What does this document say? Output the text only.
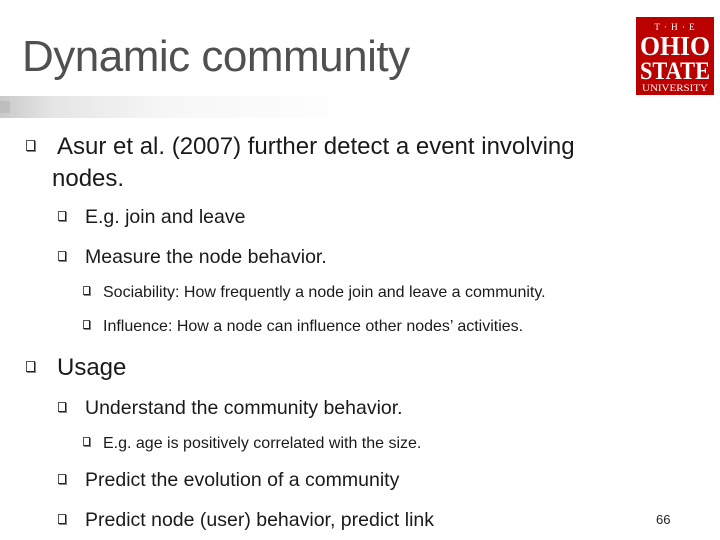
Dynamic community
T · H · E
OHIO
STATE
UNIVERSITY
Asur et al. (2007) further detect a event involving
nodes.
E.g. join and leave
Measure the node behavior.
Sociability: How frequently a node join and leave a community.
Influence: How a node can influence other nodes’ activities.
Usage
Understand the community behavior.
E.g. age is positively correlated with the size.
Predict the evolution of a community
Predict node (user) behavior, predict link	66
